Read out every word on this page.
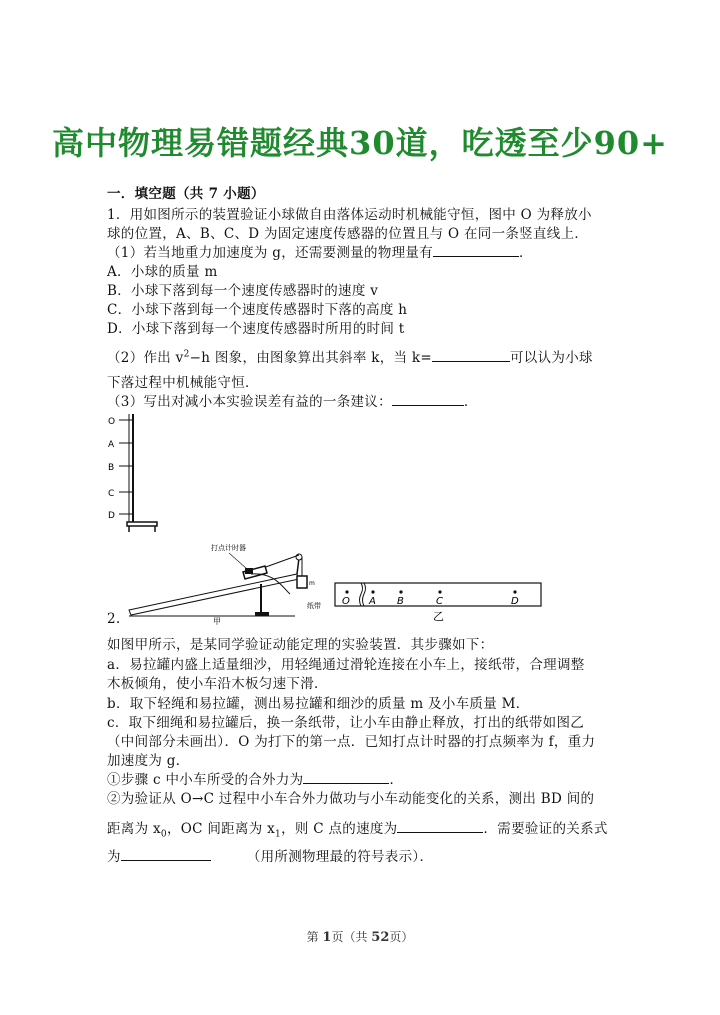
高中物理易错题经典30道，吃透至少90+
一．填空题（共 7 小题）
1．用如图所示的装置验证小球做自由落体运动时机械能守恒，图中 O 为释放小
球的位置，A、B、C、D 为固定速度传感器的位置且与 O 在同一条竖直线上．
（1）若当地重力加速度为 g，还需要测量的物理量有	．
A．小球的质量 m
B．小球下落到每一个速度传感器时的速度 v
C．小球下落到每一个速度传感器时下落的高度 h
D．小球下落到每一个速度传感器时所用的时间 t
（2）作出 $v^2-h$ 图象，由图象算出其斜率 k，当 k=	可以认为小球
下落过程中机械能守恒．
（3）写出对减小本实验误差有益的一条建议：	．
O
A
B
C
D
m
打点计时器
纸带
甲
O A B	C	D
乙
2.
如图甲所示，是某同学验证动能定理的实验装置．其步骤如下：
a．易拉罐内盛上适量细沙，用轻绳通过滑轮连接在小车上，接纸带，合理调整
木板倾角，使小车沿木板匀速下滑．
b．取下轻绳和易拉罐，测出易拉罐和细沙的质量 m 及小车质量 M．
c．取下细绳和易拉罐后，换一条纸带，让小车由静止释放，打出的纸带如图乙
（中间部分未画出）．O 为打下的第一点．已知打点计时器的打点频率为 f，重力
加速度为 g．
①步骤 c 中小车所受的合外力为	．
②为验证从 O→C 过程中小车合外力做功与小车动能变化的关系，测出 BD 间的
距离为 $x_0$，OC 间距离为 $x_1$，则 C 点的速度为	．需要验证的关系式
为	（用所测物理最的符号表示）．
第 1页（共 52页）
